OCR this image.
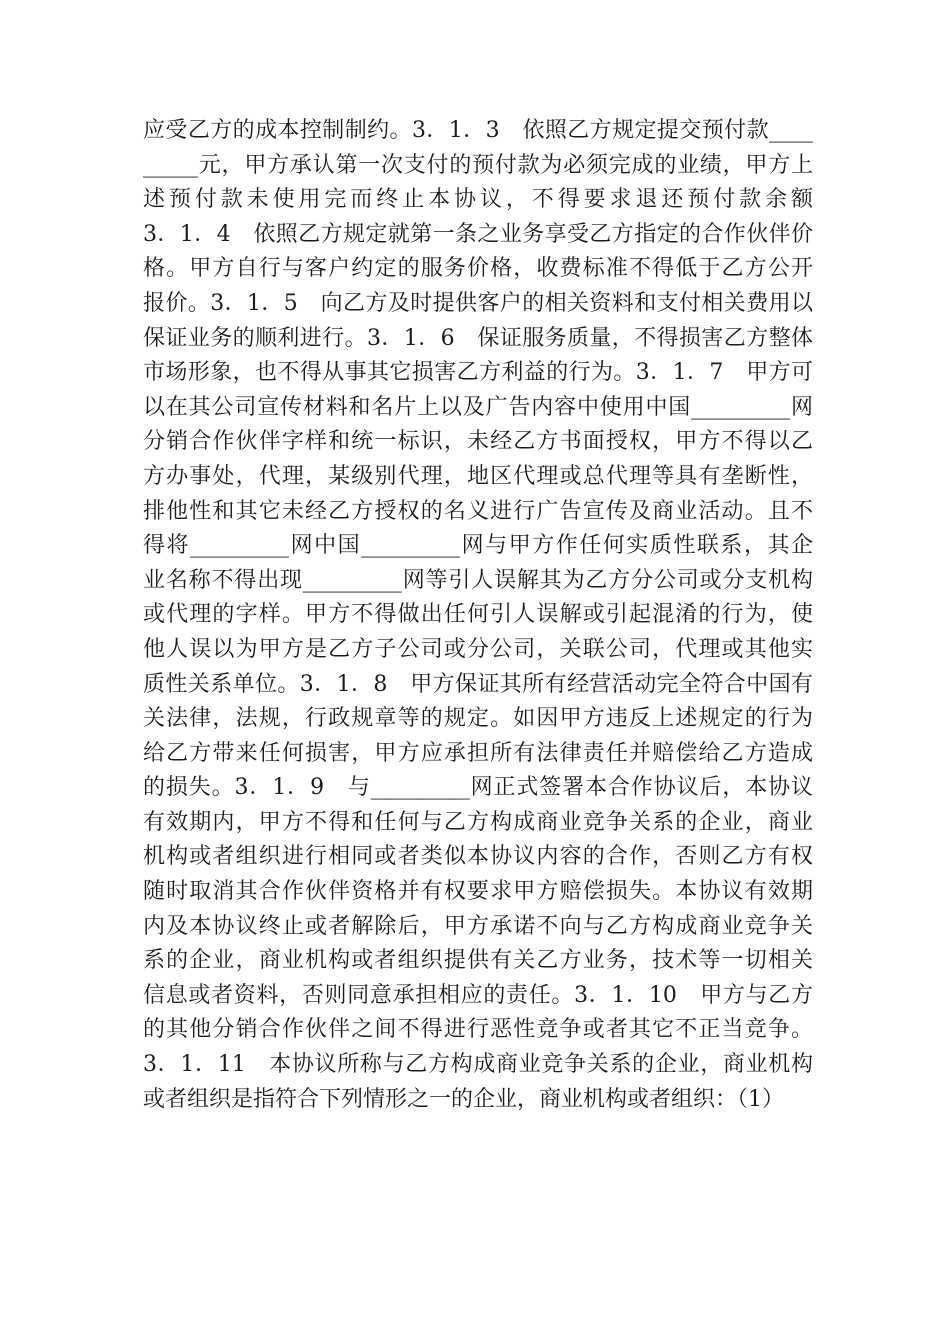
应受乙方的成本控制制约。3．1．3　依照乙方规定提交预付款____
_____元，甲方承认第一次支付的预付款为必须完成的业绩，甲方上
述预付款未使用完而终止本协议，不得要求退还预付款余额
3．1．4　依照乙方规定就第一条之业务享受乙方指定的合作伙伴价
格。甲方自行与客户约定的服务价格，收费标准不得低于乙方公开
报价。3．1．5　向乙方及时提供客户的相关资料和支付相关费用以
保证业务的顺利进行。3．1．6　保证服务质量，不得损害乙方整体
市场形象，也不得从事其它损害乙方利益的行为。3．1．7　甲方可
以在其公司宣传材料和名片上以及广告内容中使用中国_________网
分销合作伙伴字样和统一标识，未经乙方书面授权，甲方不得以乙
方办事处，代理，某级别代理，地区代理或总代理等具有垄断性，
排他性和其它未经乙方授权的名义进行广告宣传及商业活动。且不
得将_________网中国_________网与甲方作任何实质性联系，其企
业名称不得出现_________网等引人误解其为乙方分公司或分支机构
或代理的字样。甲方不得做出任何引人误解或引起混淆的行为，使
他人误以为甲方是乙方子公司或分公司，关联公司，代理或其他实
质性关系单位。3．1．8　甲方保证其所有经营活动完全符合中国有
关法律，法规，行政规章等的规定。如因甲方违反上述规定的行为
给乙方带来任何损害，甲方应承担所有法律责任并赔偿给乙方造成
的损失。3．1．9　与_________网正式签署本合作协议后，本协议
有效期内，甲方不得和任何与乙方构成商业竞争关系的企业，商业
机构或者组织进行相同或者类似本协议内容的合作，否则乙方有权
随时取消其合作伙伴资格并有权要求甲方赔偿损失。本协议有效期
内及本协议终止或者解除后，甲方承诺不向与乙方构成商业竞争关
系的企业，商业机构或者组织提供有关乙方业务，技术等一切相关
信息或者资料，否则同意承担相应的责任。3．1．10　甲方与乙方
的其他分销合作伙伴之间不得进行恶性竞争或者其它不正当竞争。
3．1．11　本协议所称与乙方构成商业竞争关系的企业，商业机构
或者组织是指符合下列情形之一的企业，商业机构或者组织：（1）
